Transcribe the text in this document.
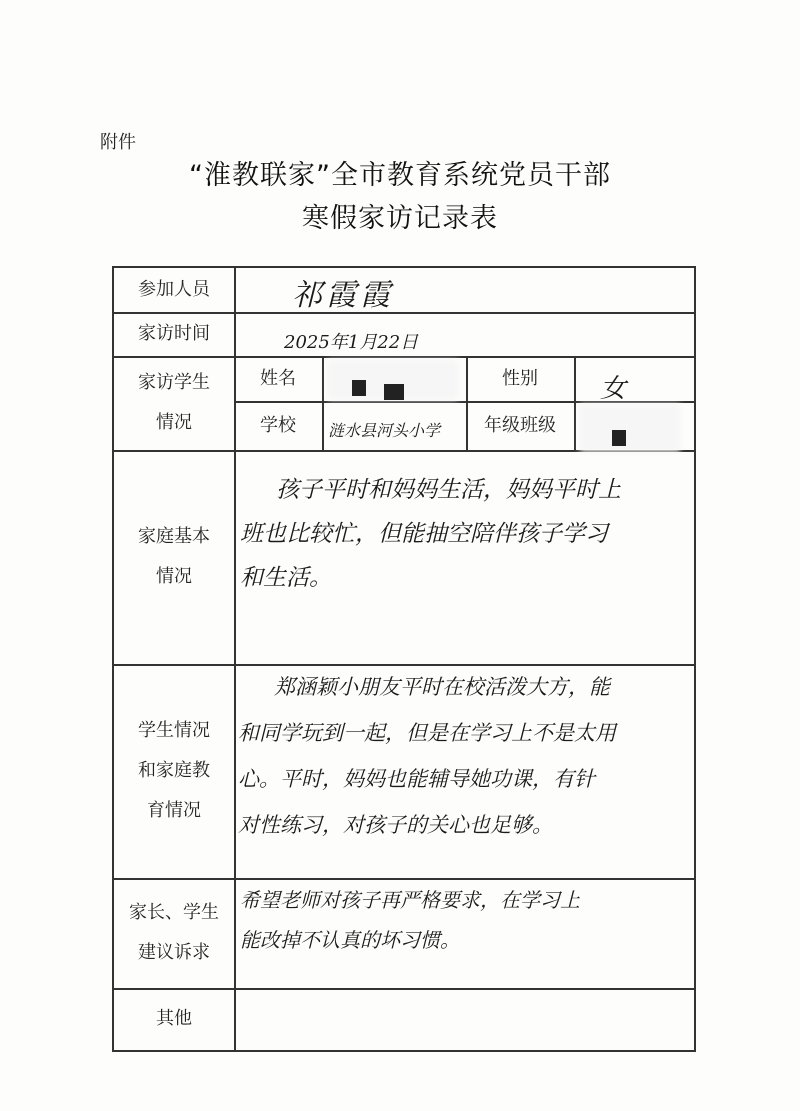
附件
“淮教联家”全市教育系统党员干部
寒假家访记录表
参加人员
家访时间
家访学生
情况
姓名	性别
学校	年级班级
家庭基本
情况
学生情况
和家庭教
育情况
家长、学生
建议诉求
其他
祁霞霞
2025年1月22日
女
涟水县河头小学
孩子平时和妈妈生活，妈妈平时上
班也比较忙，但能抽空陪伴孩子学习
和生活。
郑涵颖小朋友平时在校活泼大方，能
和同学玩到一起，但是在学习上不是太用
心。平时，妈妈也能辅导她功课，有针
对性练习，对孩子的关心也足够。
希望老师对孩子再严格要求，在学习上
能改掉不认真的坏习惯。
